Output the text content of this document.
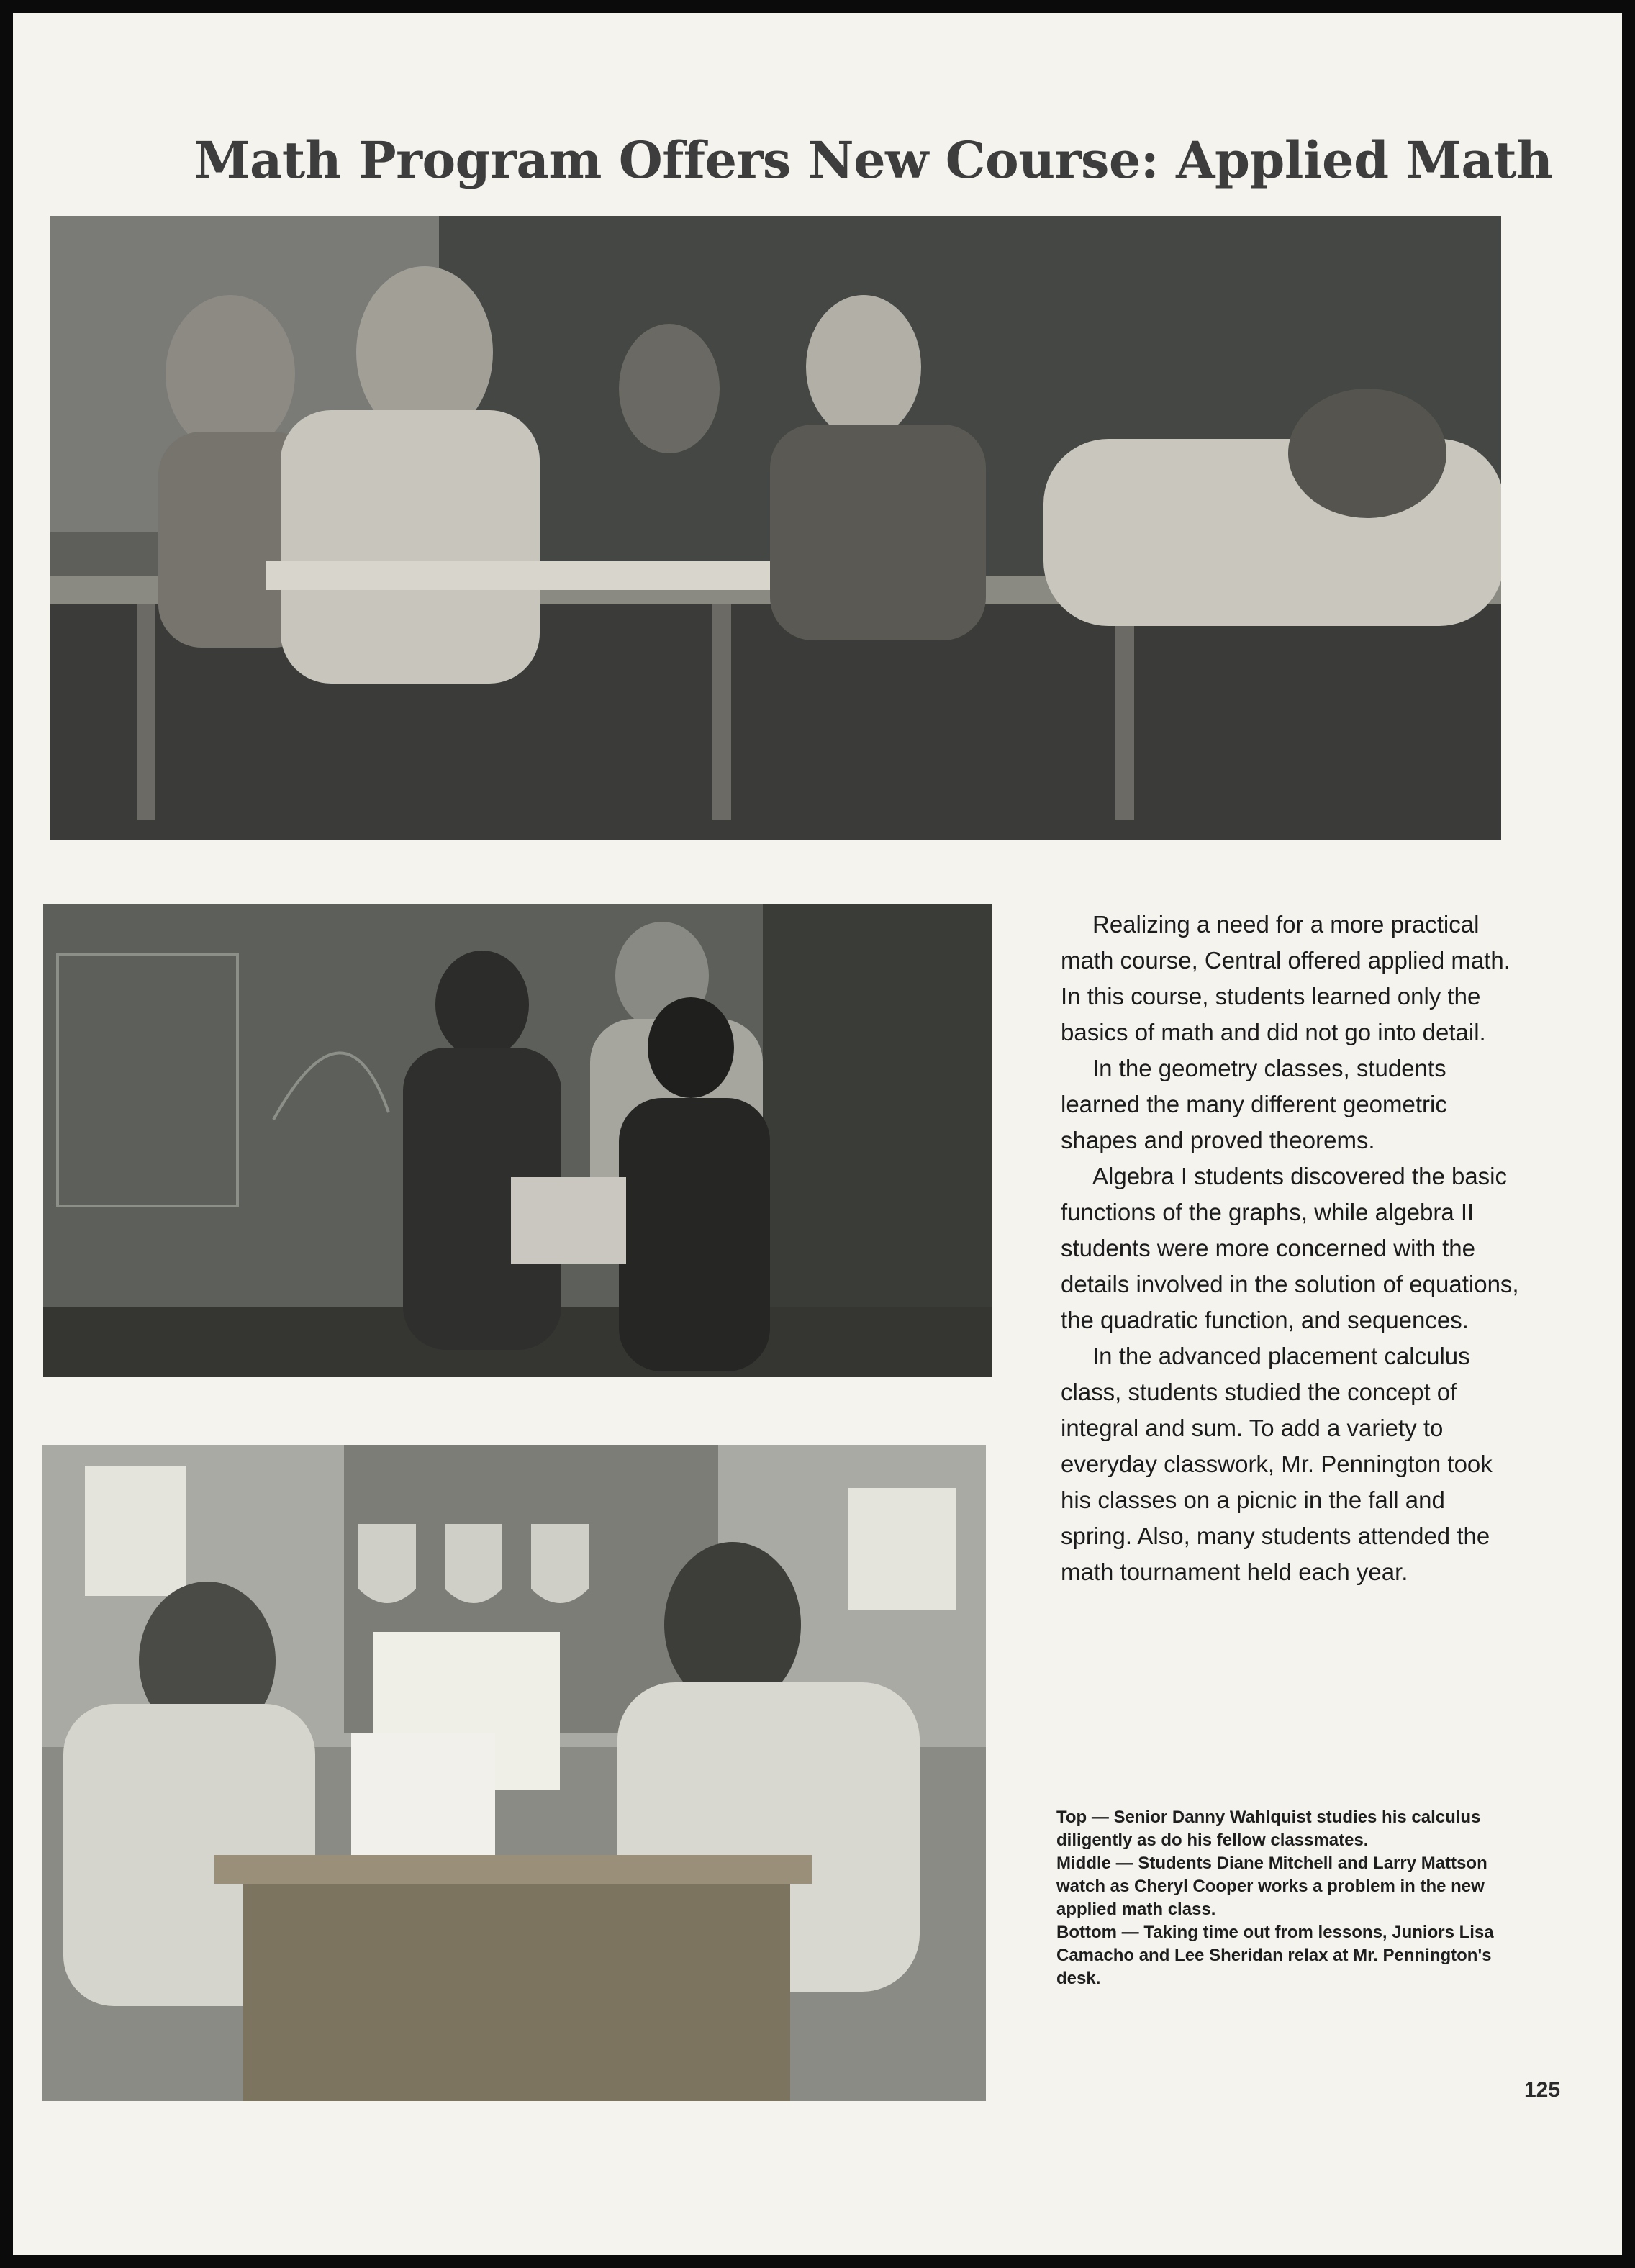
Math Program Offers New Course: Applied Math

Realizing a need for a more practical math course, Central offered applied math. In this course, students learned only the basics of math and did not go into detail.

In the geometry classes, students learned the many different geometric shapes and proved theorems.

Algebra I students discovered the basic functions of the graphs, while algebra II students were more concerned with the details involved in the solution of equations, the quadratic function, and sequences.

In the advanced placement calculus class, students studied the concept of integral and sum. To add a variety to everyday classwork, Mr. Pennington took his classes on a picnic in the fall and spring. Also, many students attended the math tournament held each year.

Top — Senior Danny Wahlquist studies his calculus diligently as do his fellow classmates.

Middle — Students Diane Mitchell and Larry Mattson watch as Cheryl Cooper works a problem in the new applied math class.

Bottom — Taking time out from lessons, Juniors Lisa Camacho and Lee Sheridan relax at Mr. Pennington's desk.

125
